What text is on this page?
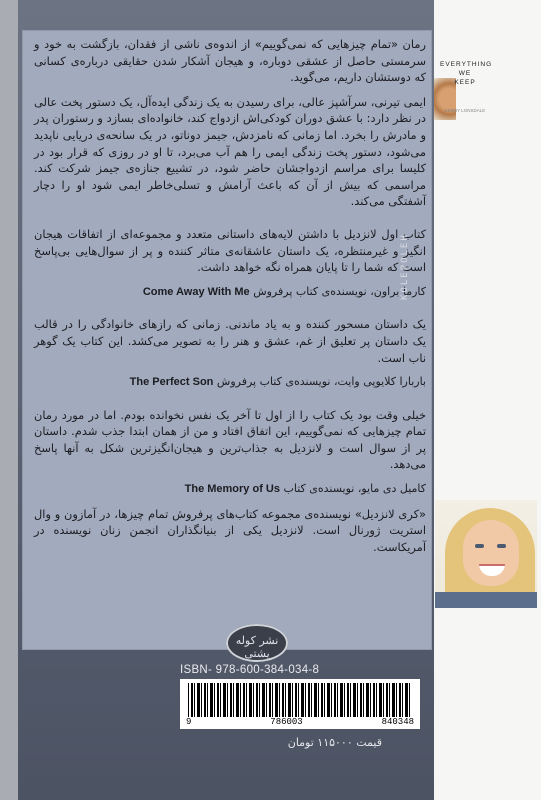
رمان «تمام چیزهایی که نمی‌گوییم» از اندوه‌ی ناشی از فقدان، بازگشت به خود و سرمستی حاصل از عشقی دوباره، و هیجان آشکار شدن حقایقی درباره‌ی کسانی که دوستشان داریم، می‌گوید.

ایمی تیرنی، سرآشپز عالی، برای رسیدن به یک زندگی ایده‌آل، یک دستور پخت عالی در نظر دارد: با عشق دوران کودکی‌اش ازدواج کند، خانواده‌ای بسازد و رستوران پدر و مادرش را بخرد. اما زمانی که نامزدش، جیمز دوناتو، در یک سانحه‌ی دریایی ناپدید می‌شود، دستور پخت زندگی ایمی را هم آب می‌برد، تا او در روزی که قرار بود در کلیسا برای مراسم ازدواجشان حاضر شود، در تشییع جنازه‌ی جیمز شرکت کند. مراسمی که بیش از آن که باعث آرامش و تسلی‌خاطر ایمی شود او را دچار آشفتگی می‌کند.

کتاب اول لانزدیل با داشتن لایه‌های داستانی متعدد و مجموعه‌ای از اتفاقات هیجان انگیز و غیرمنتظره، یک داستان عاشقانه‌ی متاثر کننده و پر از سوال‌هایی بی‌پاسخ است که شما را تا پایان همراه نگه خواهد داشت.

کارما براون، نویسنده‌ی کتاب پرفروش Come Away With Me

یک داستان مسحور کننده و به یاد ماندنی. زمانی که رازهای خانوادگی را در قالب یک داستان پر تعلیق از غم، عشق و هنر را به تصویر می‌کشد. این کتاب یک گوهر ناب است.

باربارا کلایوپی وایت، نویسنده‌ی کتاب پرفروش The Perfect Son

خیلی وقت بود یک کتاب را از اول تا آخر یک نفس نخوانده بودم. اما در مورد رمان تمام چیزهایی که نمی‌گوییم، این اتفاق افتاد و من از همان ابتدا جذب شدم. داستان پر از سوال است و لانزدیل به جذاب‌ترین و هیجان‌انگیزترین شکل به آنها پاسخ می‌دهد.

کامیل دی مایو، نویسنده‌ی کتاب The Memory of Us

«کری لانزدیل» نویسنده‌ی مجموعه کتاب‌های پرفروش تمام چیزها، در آمازون و وال استریت ژورنال است. لانزدیل یکی از بنیانگذاران انجمن زنان نویسنده در آمریکاست.

KOLEPOLEH
EVERYTHING
WE
KEEP
KERRY LONSDALE
نشر کوله پشتی
ISBN- 978-600-384-034-8
9	786003	840348
قیمت ۱۱۵۰۰۰ تومان
